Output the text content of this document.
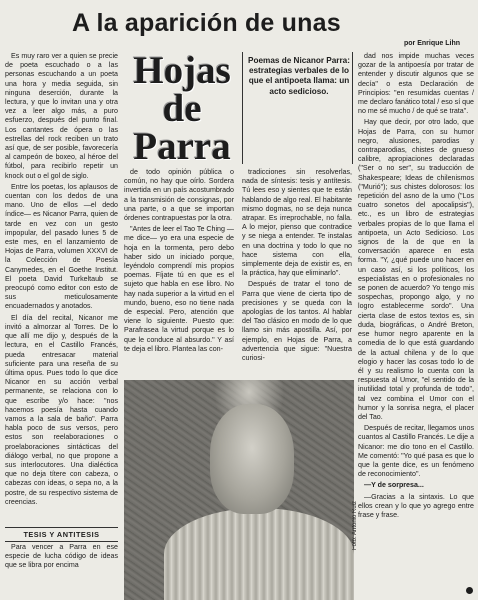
A la aparición de unas
por Enrique Lihn

Es muy raro ver a quien se precie de poeta escuchado o a las personas escuchando a un poeta una hora y media seguida, sin ninguna deserción, durante la lectura, y que lo invitan una y otra vez a leer algo más, a puro esfuerzo, después del punto final. Los cantantes de ópera o las estrellas del rock reciben un trato así que, de ser posible, favorecería al campeón de boxeo, al héroe del fútbol, para recibirlo repetir un knock out o el gol de siglo.

Entre los poetas, los aplausos de cuentan con los dedos de una mano. Uno de ellos —el dedo índice— es Nicanor Parra, quien de tarde en vez con un gesto impopular, del pasado lunes 5 de este mes, en el lanzamiento de Hojas de Parra, volumen XXXVI de la Colección de Poesía Canymedes, en el Goethe Institut. El poeta David Turkeltaub se preocupó como editor con esto de sus meticulosamente encuadernados y anotados.

El día del recital, Nicanor me invitó a almorzar al Torres. De lo que allí me dijo y, después de la lectura, en el Castillo Francés, pueda entresacar material suficiente para una reseña de su última opus. Pues todo lo que dice Nicanor en su acción verbal permanente, se relaciona con lo que escribe y/o hace: "nos hacemos poesía hasta cuando vamos a la sala de baño". Parra habla poco de sus versos, pero estos son reelaboraciones o proelaboraciones sintácticas del diálogo verbal, no que propone a sus interlocutores. Una dialéctica que no deja títere con cabeza, o cabezas con ideas, o sepa no, a la postre, de su respectivo sistema de creencias.

TESIS Y ANTITESIS

Para vencer a Parra en ese especie de lucha código de ideas que se libra por encima

Hojas
de
Parra
Poemas de Nicanor Parra: estrategias verbales de lo que el antipoeta llama: un acto sedicioso.

de todo opinión pública o común, no hay que oírlo. Sordera invertida en un país acostumbrado a la transmisión de consignas, por una parte, o a que se importan órdenes contrapuestas por la otra.

"Antes de leer el Tao Te Ching —me dice— yo era una especie de hoja en la tormenta, pero debo haber sido un iniciado porque, leyéndolo comprendí mis propios poemas. Fíjate tú en que es el sujeto que habla en ese libro. No hay nada superior a la virtud en el mundo, bueno, eso no tiene nada de especial. Pero, atención que viene lo siguiente. Puesto que: Parafrasea la virtud porque es lo que le conduce al absurdo." Y así te deja el libro. Plantea las con-

tradicciones sin resolverlas, nada de síntesis: tesis y antítesis. Tú lees eso y sientes que te están hablando de algo real. El habitante mismo dogmas, no se deja nunca atrapar. Es irreprochable, no falla. A lo mejor, pienso que contradice y se niega a entender. Te instalas en una doctrina y todo lo que no hace sistema con ella, simplemente deja de existir es, en la práctica, hay que eliminarlo".

Después de tratar el tono de Parra que viene de cierta tipo de precisiones y se queda con la apologías de los tantos. Al hablar del Tao clásico en modo de lo que llamo sin más apostilla. Así, por ejemplo, en Hojas de Parra, a advertencia que sigue: "Nuestra curiosi-

dad nos impide muchas veces gozar de la antipoesía por tratar de entender y discutir algunos que se decía" o esta Declaración de Principios: "en resumidas cuentas / me declaro fanático total / eso sí que no me sé mucho / de qué se trata".

Hay que decir, por otro lado, que Hojas de Parra, con su humor negro, alusiones, parodias y contraparodias, chistes de grueso calibre, apropiaciones declaradas ("Ser o no ser", su traducción de Shakespeare; Ideas de chilenismos ("Murió"); sus chistes dolorosos: los repetición del asno de la umo ("Los cuatro sonetos del apocalipsis"), etc., es un libro de estrategias verbales propias de lo que llama el antipoeta, un Acto Sedicioso. Los signos de la de que en la conversación aparece en esta forma. "Y, ¿qué puede uno hacer en un caso así, si los políticos, los especialistas en o profesionales no se ponen de acuerdo? Yo tengo mis sospechas, propongo algo, y no logro establecerme sordo". Una cierta clase de estos textos es, sin duda, biográficas, o André Breton, ese humor negro aparente en la comedia de lo que está guardando de la actual chilena y de lo que elogio y hacer las cosas todo lo de él y su realismo lo cuenta con la respuesta al Umor, "el sentido de la inutilidad total y profunda de todo", tal vez combina el Umor con el humor y la sonrisa negra, el placer del Tao.

Después de recitar, llegamos unos cuantos al Castillo Francés. Le dije a Nicanor: me dio tono en el Castillo. Me comentó: "Yo qué pasa es que lo que la gente dice, es un fenómeno de reconocimiento".

—Y de sorpresa...

—Gracias a la sintaxis. Lo que ellos crean y lo que yo agrego entre frase y frase.

Foto: Antonio Ruiz
